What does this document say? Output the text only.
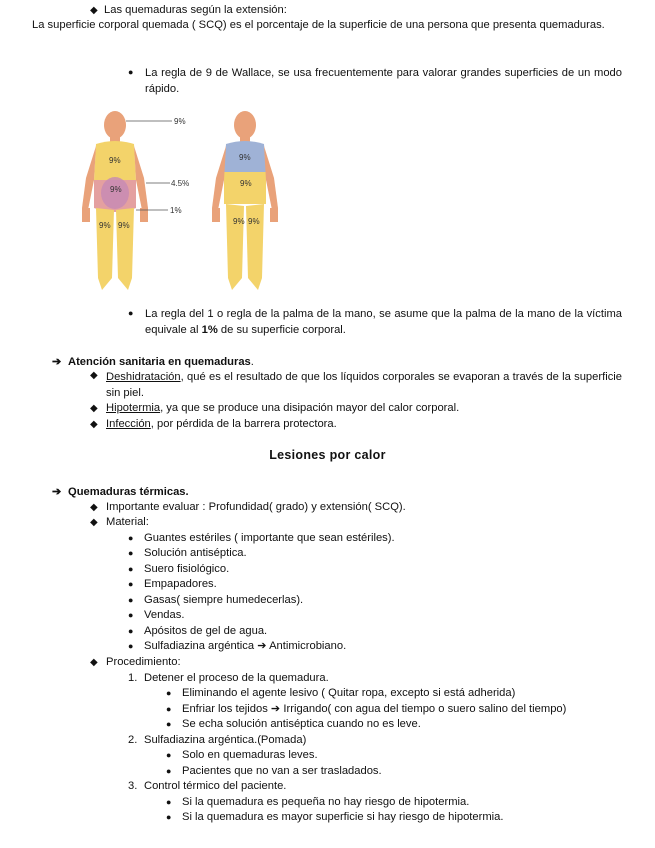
◆ Las quemaduras según la extensión:
La superficie corporal quemada ( SCQ) es el porcentaje de la superficie de una persona que presenta quemaduras.
● La regla de 9 de Wallace, se usa frecuentemente para valorar grandes superficies de un modo rápido.
9%
9%
9% 9%
9%
4.5%
1%
9%
9%
9% 9%
● La regla del 1 o regla de la palma de la mano, se asume que la palma de la mano de la víctima equivale al 1% de su superficie corporal.
➔ Atención sanitaria en quemaduras.
◆ Deshidratación, qué es el resultado de que los líquidos corporales se evaporan a través de la superficie sin piel.
◆ Hipotermia, ya que se produce una disipación mayor del calor corporal.
◆ Infección, por pérdida de la barrera protectora.
Lesiones por calor
➔ Quemaduras térmicas.
◆ Importante evaluar : Profundidad( grado) y extensión( SCQ).
◆ Material:
● Guantes estériles ( importante que sean estériles).
● Solución antiséptica.
● Suero fisiológico.
● Empapadores.
● Gasas( siempre humedecerlas).
● Vendas.
● Apósitos de gel de agua.
● Sulfadiazina argéntica ➔ Antimicrobiano.
◆ Procedimiento:
1. Detener el proceso de la quemadura.
● Eliminando el agente lesivo ( Quitar ropa, excepto si está adherida)
● Enfriar los tejidos ➔ Irrigando( con agua del tiempo o suero salino del tiempo)
● Se echa solución antiséptica cuando no es leve.
2. Sulfadiazina argéntica.(Pomada)
● Solo en quemaduras leves.
● Pacientes que no van a ser trasladados.
3. Control térmico del paciente.
● Si la quemadura es pequeña no hay riesgo de hipotermia.
● Si la quemadura es mayor superficie si hay riesgo de hipotermia.
